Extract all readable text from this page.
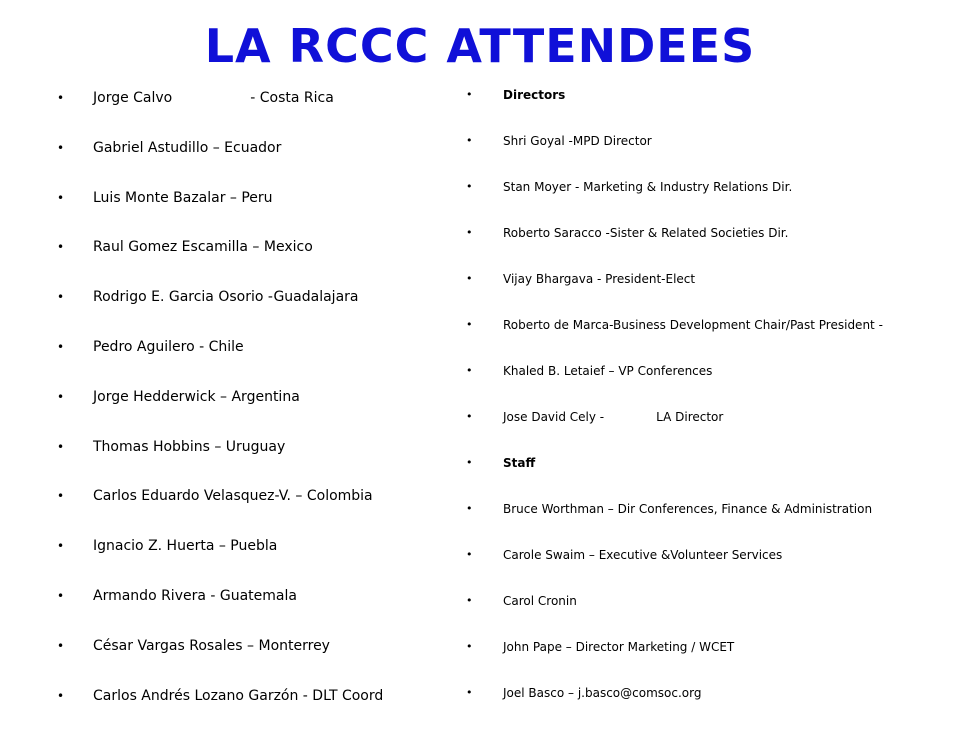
LA RCCC ATTENDEES
• Jorge Calvo	- Costa Rica
• Gabriel Astudillo – Ecuador
• Luis Monte Bazalar – Peru
• Raul Gomez Escamilla – Mexico
• Rodrigo E. Garcia Osorio -Guadalajara
• Pedro Aguilero - Chile
• Jorge Hedderwick – Argentina
• Thomas Hobbins – Uruguay
• Carlos Eduardo Velasquez-V. – Colombia
• Ignacio Z. Huerta – Puebla
• Armando Rivera - Guatemala
• César Vargas Rosales – Monterrey
• Carlos Andrés Lozano Garzón - DLT Coord
•	Directors
•	Shri Goyal -MPD Director
•	Stan Moyer - Marketing & Industry Relations Dir.
•	Roberto Saracco -Sister & Related Societies Dir.
•	Vijay Bhargava - President-Elect
•	Roberto de Marca-Business Development Chair/Past President -
•	Khaled B. Letaief – VP Conferences
•	Jose David Cely -	LA Director
•	Staff
•	Bruce Worthman – Dir Conferences, Finance & Administration
•	Carole Swaim – Executive &Volunteer Services
•	Carol Cronin
•	John Pape – Director Marketing / WCET
•	Joel Basco – j.basco@comsoc.org
